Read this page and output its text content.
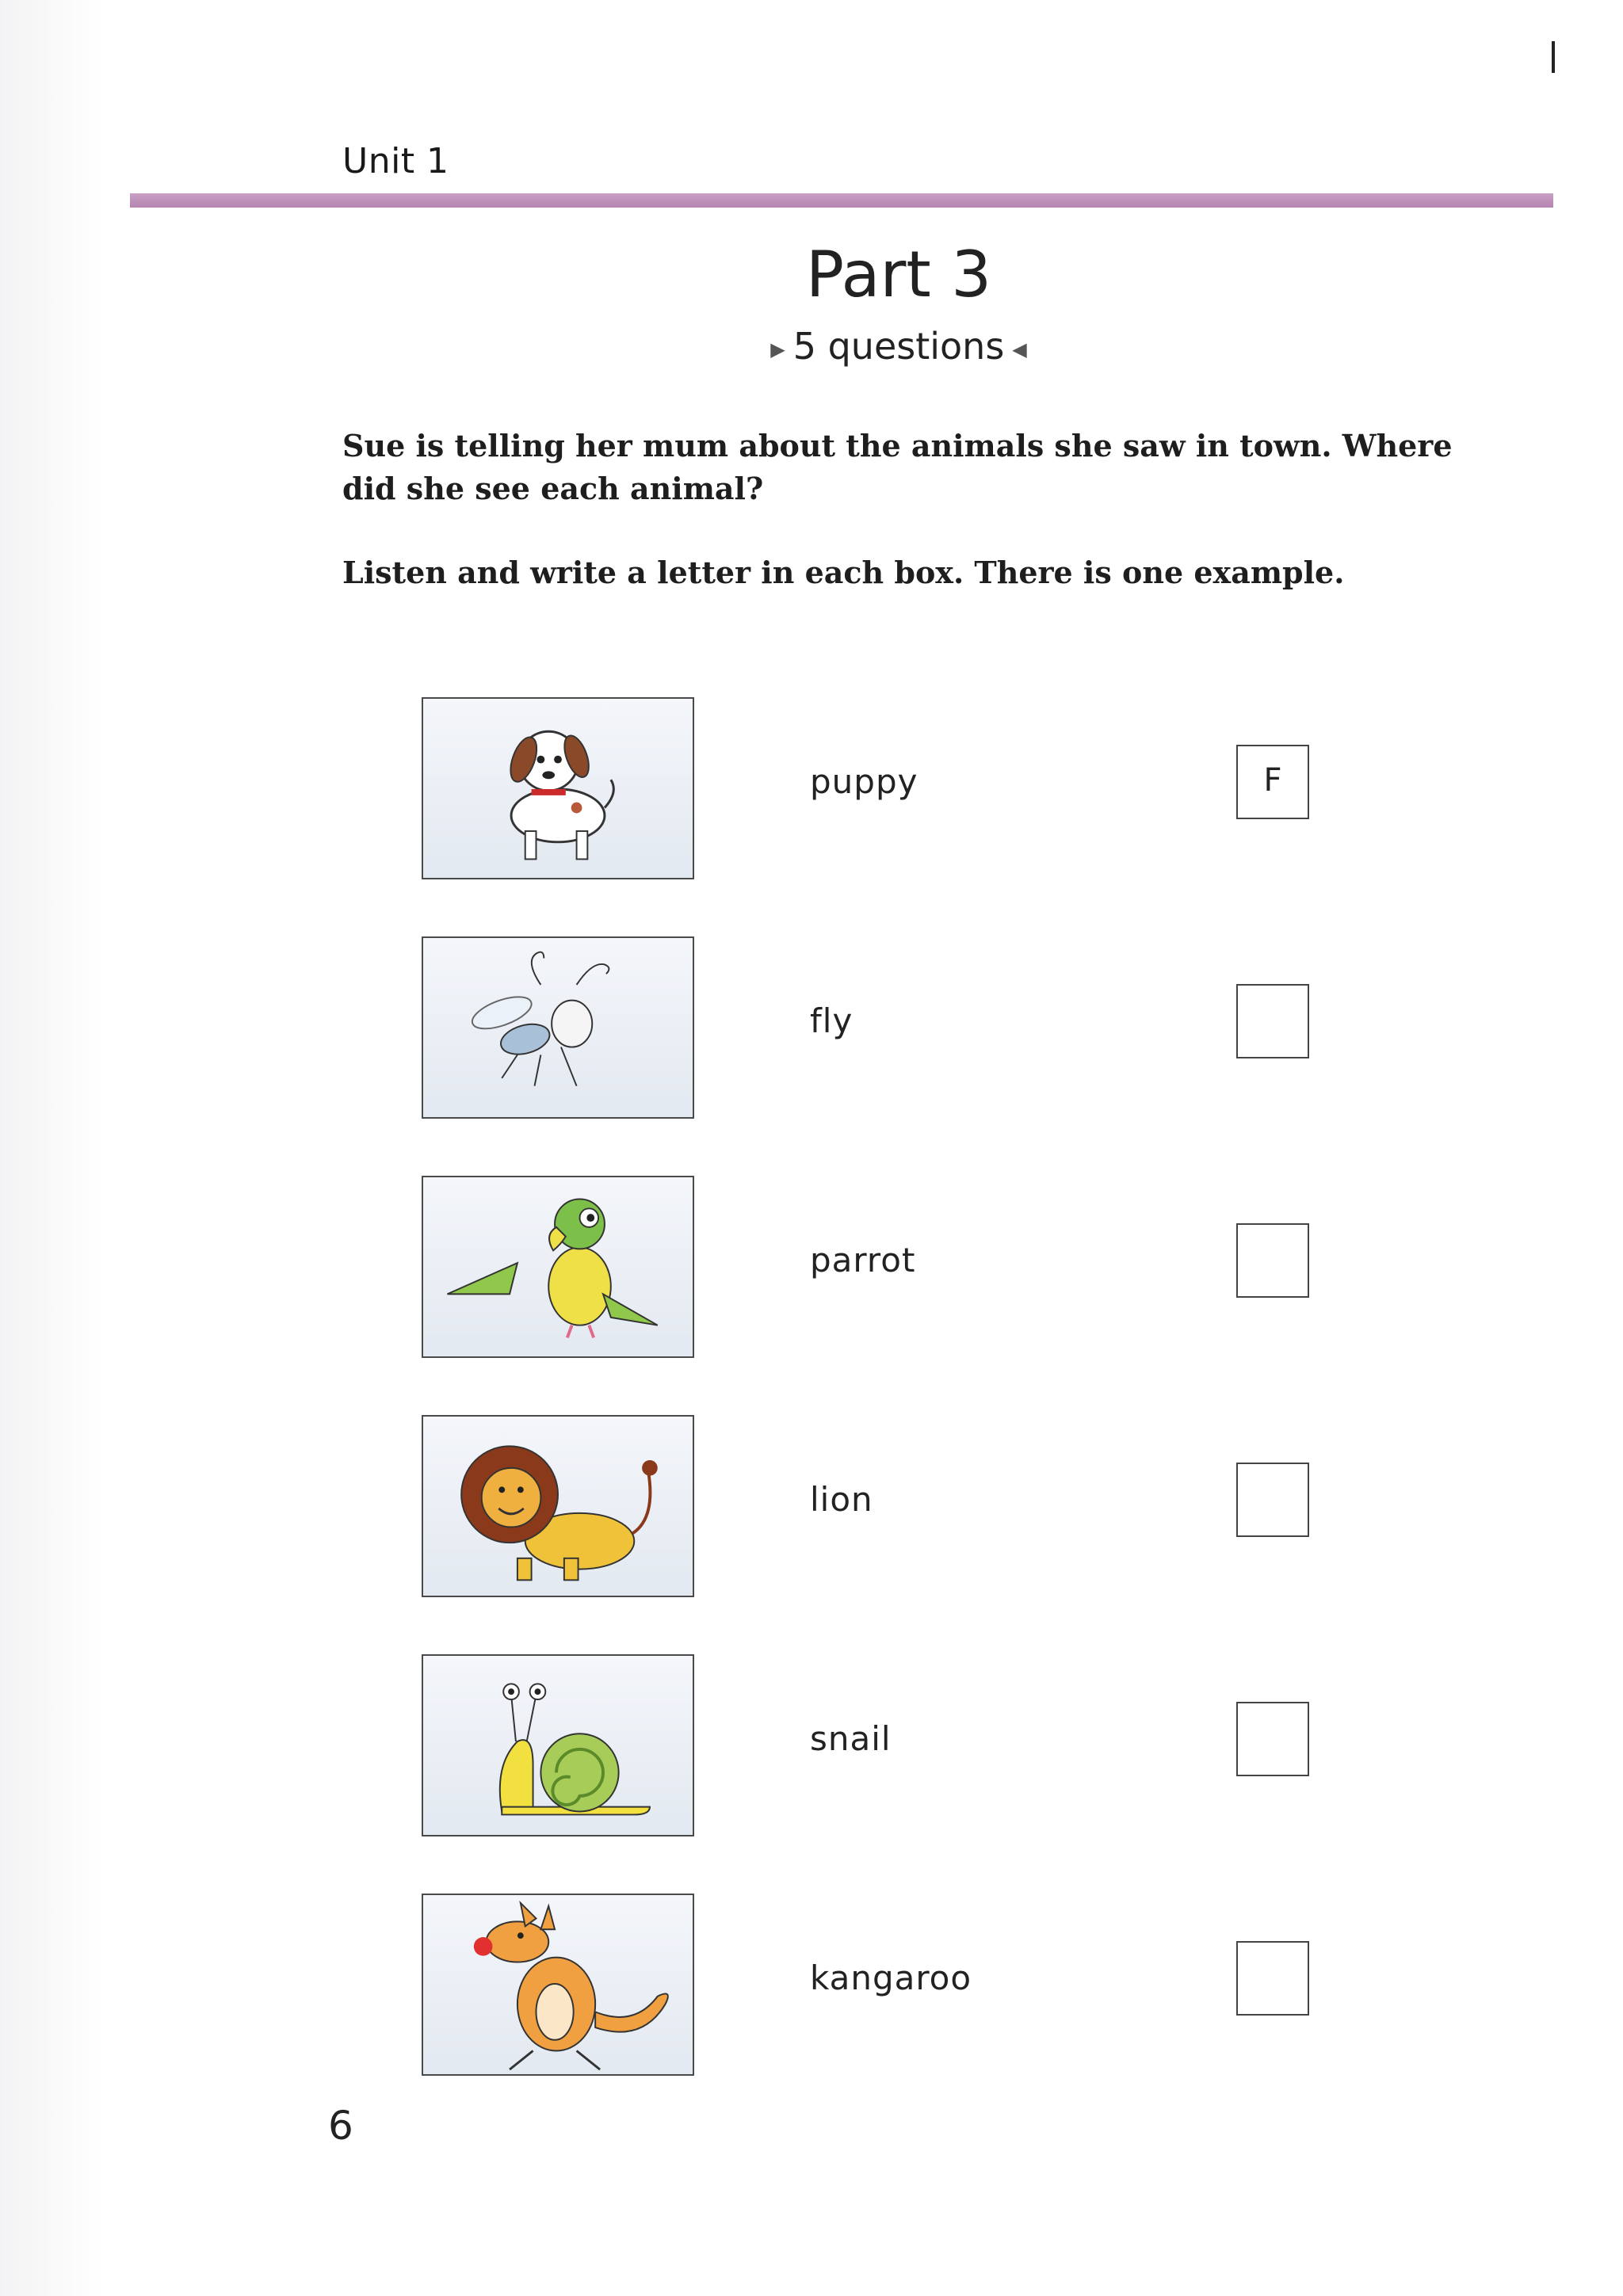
Unit 1
Part 3
▶ 5 questions ◀
Sue is telling her mum about the animals she saw in town. Where did she see each animal?
Listen and write a letter in each box. There is one example.
puppy	F
fly
parrot
lion
snail
kangaroo
6
